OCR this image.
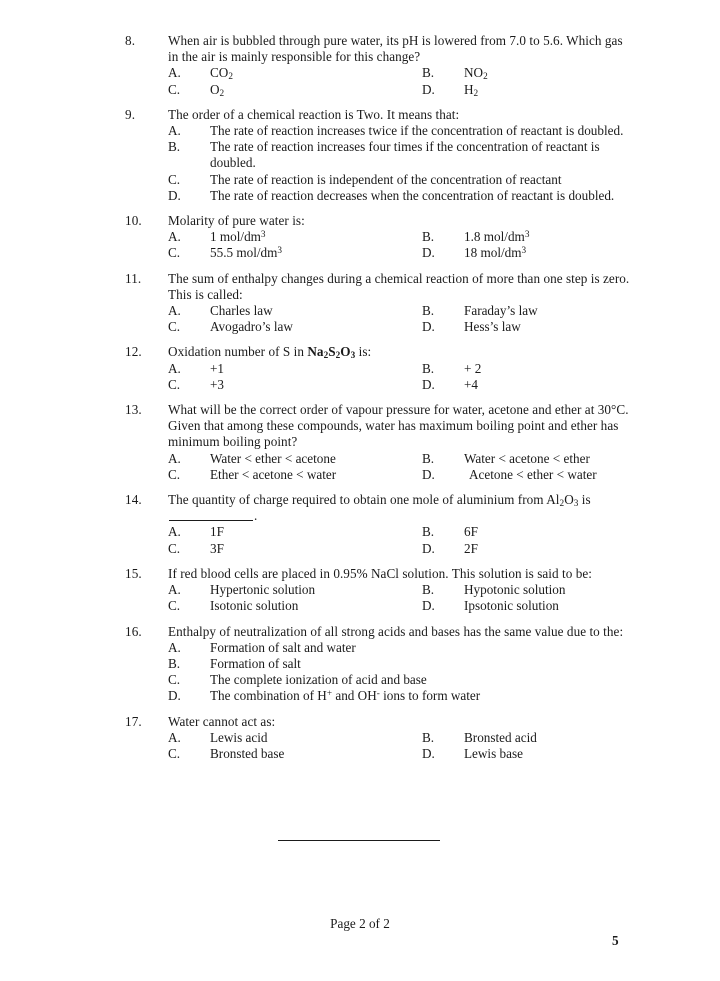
8.	When air is bubbled through pure water, its pH is lowered from 7.0 to 5.6. Which gas in the air is mainly responsible for this change?
A.	$CO_2$	B.	$NO_2$
C.	$O_2$	D.	$H_2$
9.	The order of a chemical reaction is Two. It means that:
A.	The rate of reaction increases twice if the concentration of reactant is doubled.
B.	The rate of reaction increases four times if the concentration of reactant is doubled.
C.	The rate of reaction is independent of the concentration of reactant
D.	The rate of reaction decreases when the concentration of reactant is doubled.
10.	Molarity of pure water is:
A.	1 mol/$dm^3$	B.	1.8 mol/$dm^3$
C.	55.5 mol/$dm^3$	D.	18 mol/$dm^3$
11.	The sum of enthalpy changes during a chemical reaction of more than one step is zero. This is called:
A.	Charles law	B.	Faraday’s law
C.	Avogadro’s law	D.	Hess’s law
12.	Oxidation number of S in $Na_2S_2O_3$ is:
A.	+1	B.	+ 2
C.	+3	D.	+4
13.	What will be the correct order of vapour pressure for water, acetone and ether at 30°C. Given that among these compounds, water has maximum boiling point and ether has minimum boiling point?
A.	Water < ether < acetone	B.	Water < acetone < ether
C.	Ether < acetone < water	D.	Acetone < ether < water
14.	The quantity of charge required to obtain one mole of aluminium from $Al_2O_3$ is.
A.	1F	B.	6F
C.	3F	D.	2F
15.	If red blood cells are placed in 0.95% NaCl solution. This solution is said to be:
A.	Hypertonic solution	B.	Hypotonic solution
C.	Isotonic solution	D.	Ipsotonic solution
16.	Enthalpy of neutralization of all strong acids and bases has the same value due to the:
A.	Formation of salt and water
B.	Formation of salt
C.	The complete ionization of acid and base
D.	The combination of H+ and OH- ions to form water
17.	Water cannot act as:
A.	Lewis acid	B.	Bronsted acid
C.	Bronsted base	D.	Lewis base
Page 2 of 2
5
